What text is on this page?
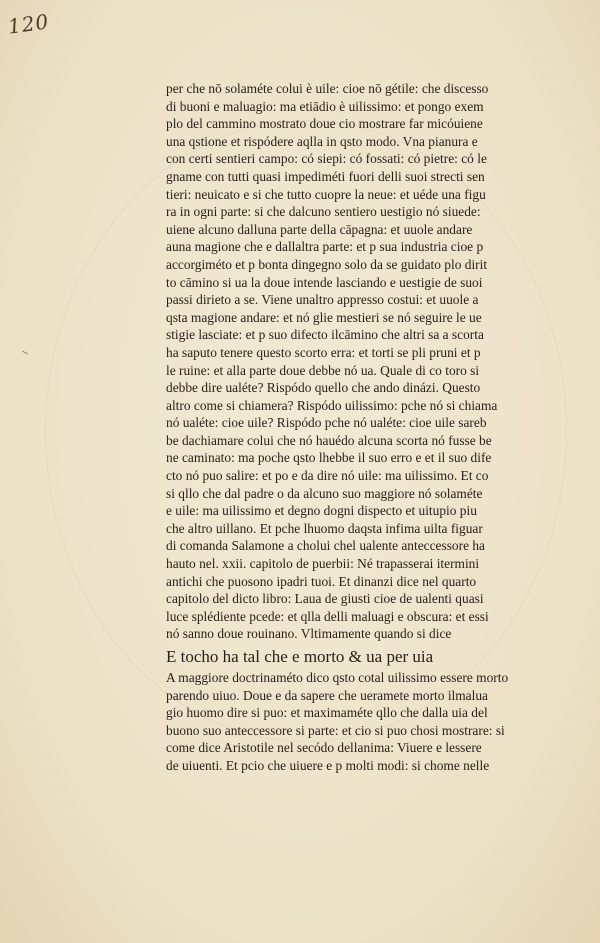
120
per che nō solaméte colui è uile: cioe nō gétile: che discesso
di buoni e maluagio: ma etiādio è uilissimo: et pongo exem
plo del cammino mostrato doue cio mostrare far micóuiene
una qstione et rispódere aqlla in qsto modo. Vna pianura e
con certi sentieri campo: có siepi: có fossati: có pietre: có le
gname con tutti quasi impediméti fuori delli suoi strecti sen
tieri: neuicato e si che tutto cuopre la neue: et uéde una figu
ra in ogni parte: si che dalcuno sentiero uestigio nó siuede:
uiene alcuno dalluna parte della cāpagna: et uuole andare
auna magione che e dallaltra parte: et p sua industria cioe p
accorgiméto et p bonta dingegno solo da se guidato plo dirit
to cāmino si ua la doue intende lasciando e uestigie de suoi
passi dirieto a se. Viene unaltro appresso costui: et uuole a
qsta magione andare: et nó glie mestieri se nó seguire le ue
stigie lasciate: et p suo difecto ilcāmino che altri sa a scorta
ha saputo tenere questo scorto erra: et torti se pli pruni et p
le ruine: et alla parte doue debbe nó ua. Quale di co toro si
debbe dire ualéte? Rispódo quello che ando dinázi. Questo
altro come si chiamera? Rispódo uilissimo: pche nó si chiama
nó ualéte: cioe uile? Rispódo pche nó ualéte: cioe uile sareb
be dachiamare colui che nó hauédo alcuna scorta nó fusse be
ne caminato: ma poche qsto lhebbe il suo erro e et il suo dife
cto nó puo salire: et po e da dire nó uile: ma uilissimo. Et co
si qllo che dal padre o da alcuno suo maggiore nó solaméte
e uile: ma uilissimo et degno dogni dispecto et uitupio piu
che altro uillano. Et pche lhuomo daqsta infima uilta figuar
di comanda Salamone a cholui chel ualente anteccessore ha
hauto nel. xxii. capitolo de puerbii: Né trapasserai itermini
antichi che puosono ipadri tuoi. Et dinanzi dice nel quarto
capitolo del dicto libro: Laua de giusti cioe de ualenti quasi
luce splédiente pcede: et qlla delli maluagi e obscura: et essi
nó sanno doue rouinano. Vltimamente quando si dice
E tocho ha tal che e morto & ua per uia
A maggiore doctrinaméto dico qsto cotal uilissimo essere morto
parendo uiuo. Doue e da sapere che ueramete morto ilmalua
gio huomo dire si puo: et maximaméte qllo che dalla uia del
buono suo anteccessore si parte: et cio si puo chosi mostrare: si
come dice Aristotile nel secódo dellanima: Viuere e lessere
de uiuenti. Et pcio che uiuere e p molti modi: si chome nelle
